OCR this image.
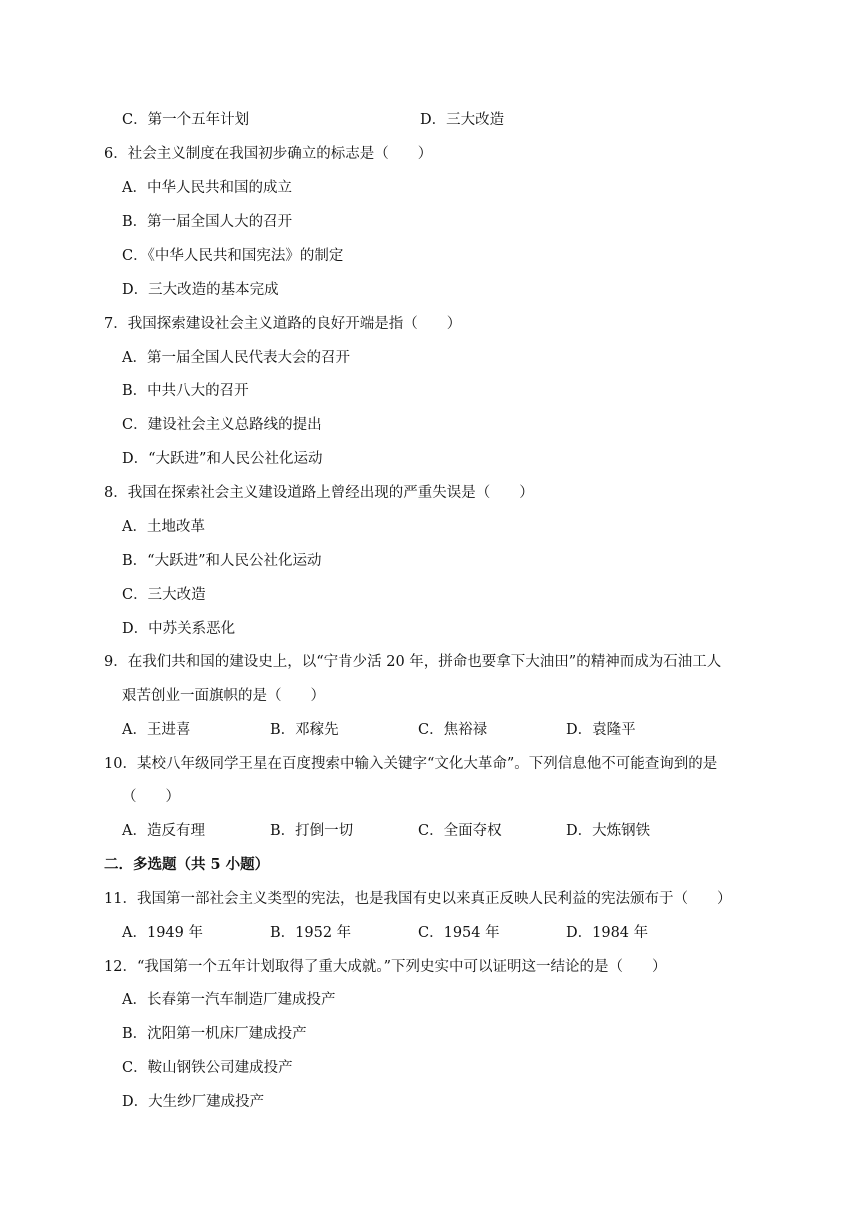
C．第一个五年计划	D．三大改造
6．社会主义制度在我国初步确立的标志是（　　）
A．中华人民共和国的成立
B．第一届全国人大的召开
C．《中华人民共和国宪法》的制定
D．三大改造的基本完成
7．我国探索建设社会主义道路的良好开端是指（　　）
A．第一届全国人民代表大会的召开
B．中共八大的召开
C．建设社会主义总路线的提出
D．“大跃进”和人民公社化运动
8．我国在探索社会主义建设道路上曾经出现的严重失误是（　　）
A．土地改革
B．“大跃进”和人民公社化运动
C．三大改造
D．中苏关系恶化
9．在我们共和国的建设史上，以“宁肯少活 20 年，拼命也要拿下大油田”的精神而成为石油工人
艰苦创业一面旗帜的是（　　）
A．王进喜	B．邓稼先	C．焦裕禄	D．袁隆平
10．某校八年级同学王星在百度搜索中输入关键字“文化大革命”。下列信息他不可能查询到的是
（　　）
A．造反有理	B．打倒一切	C．全面夺权	D．大炼钢铁
二．多选题（共 5 小题）
11．我国第一部社会主义类型的宪法，也是我国有史以来真正反映人民利益的宪法颁布于（　　）
A．1949 年	B．1952 年	C．1954 年	D．1984 年
12．“我国第一个五年计划取得了重大成就。”下列史实中可以证明这一结论的是（　　）
A．长春第一汽车制造厂建成投产
B．沈阳第一机床厂建成投产
C．鞍山钢铁公司建成投产
D．大生纱厂建成投产
